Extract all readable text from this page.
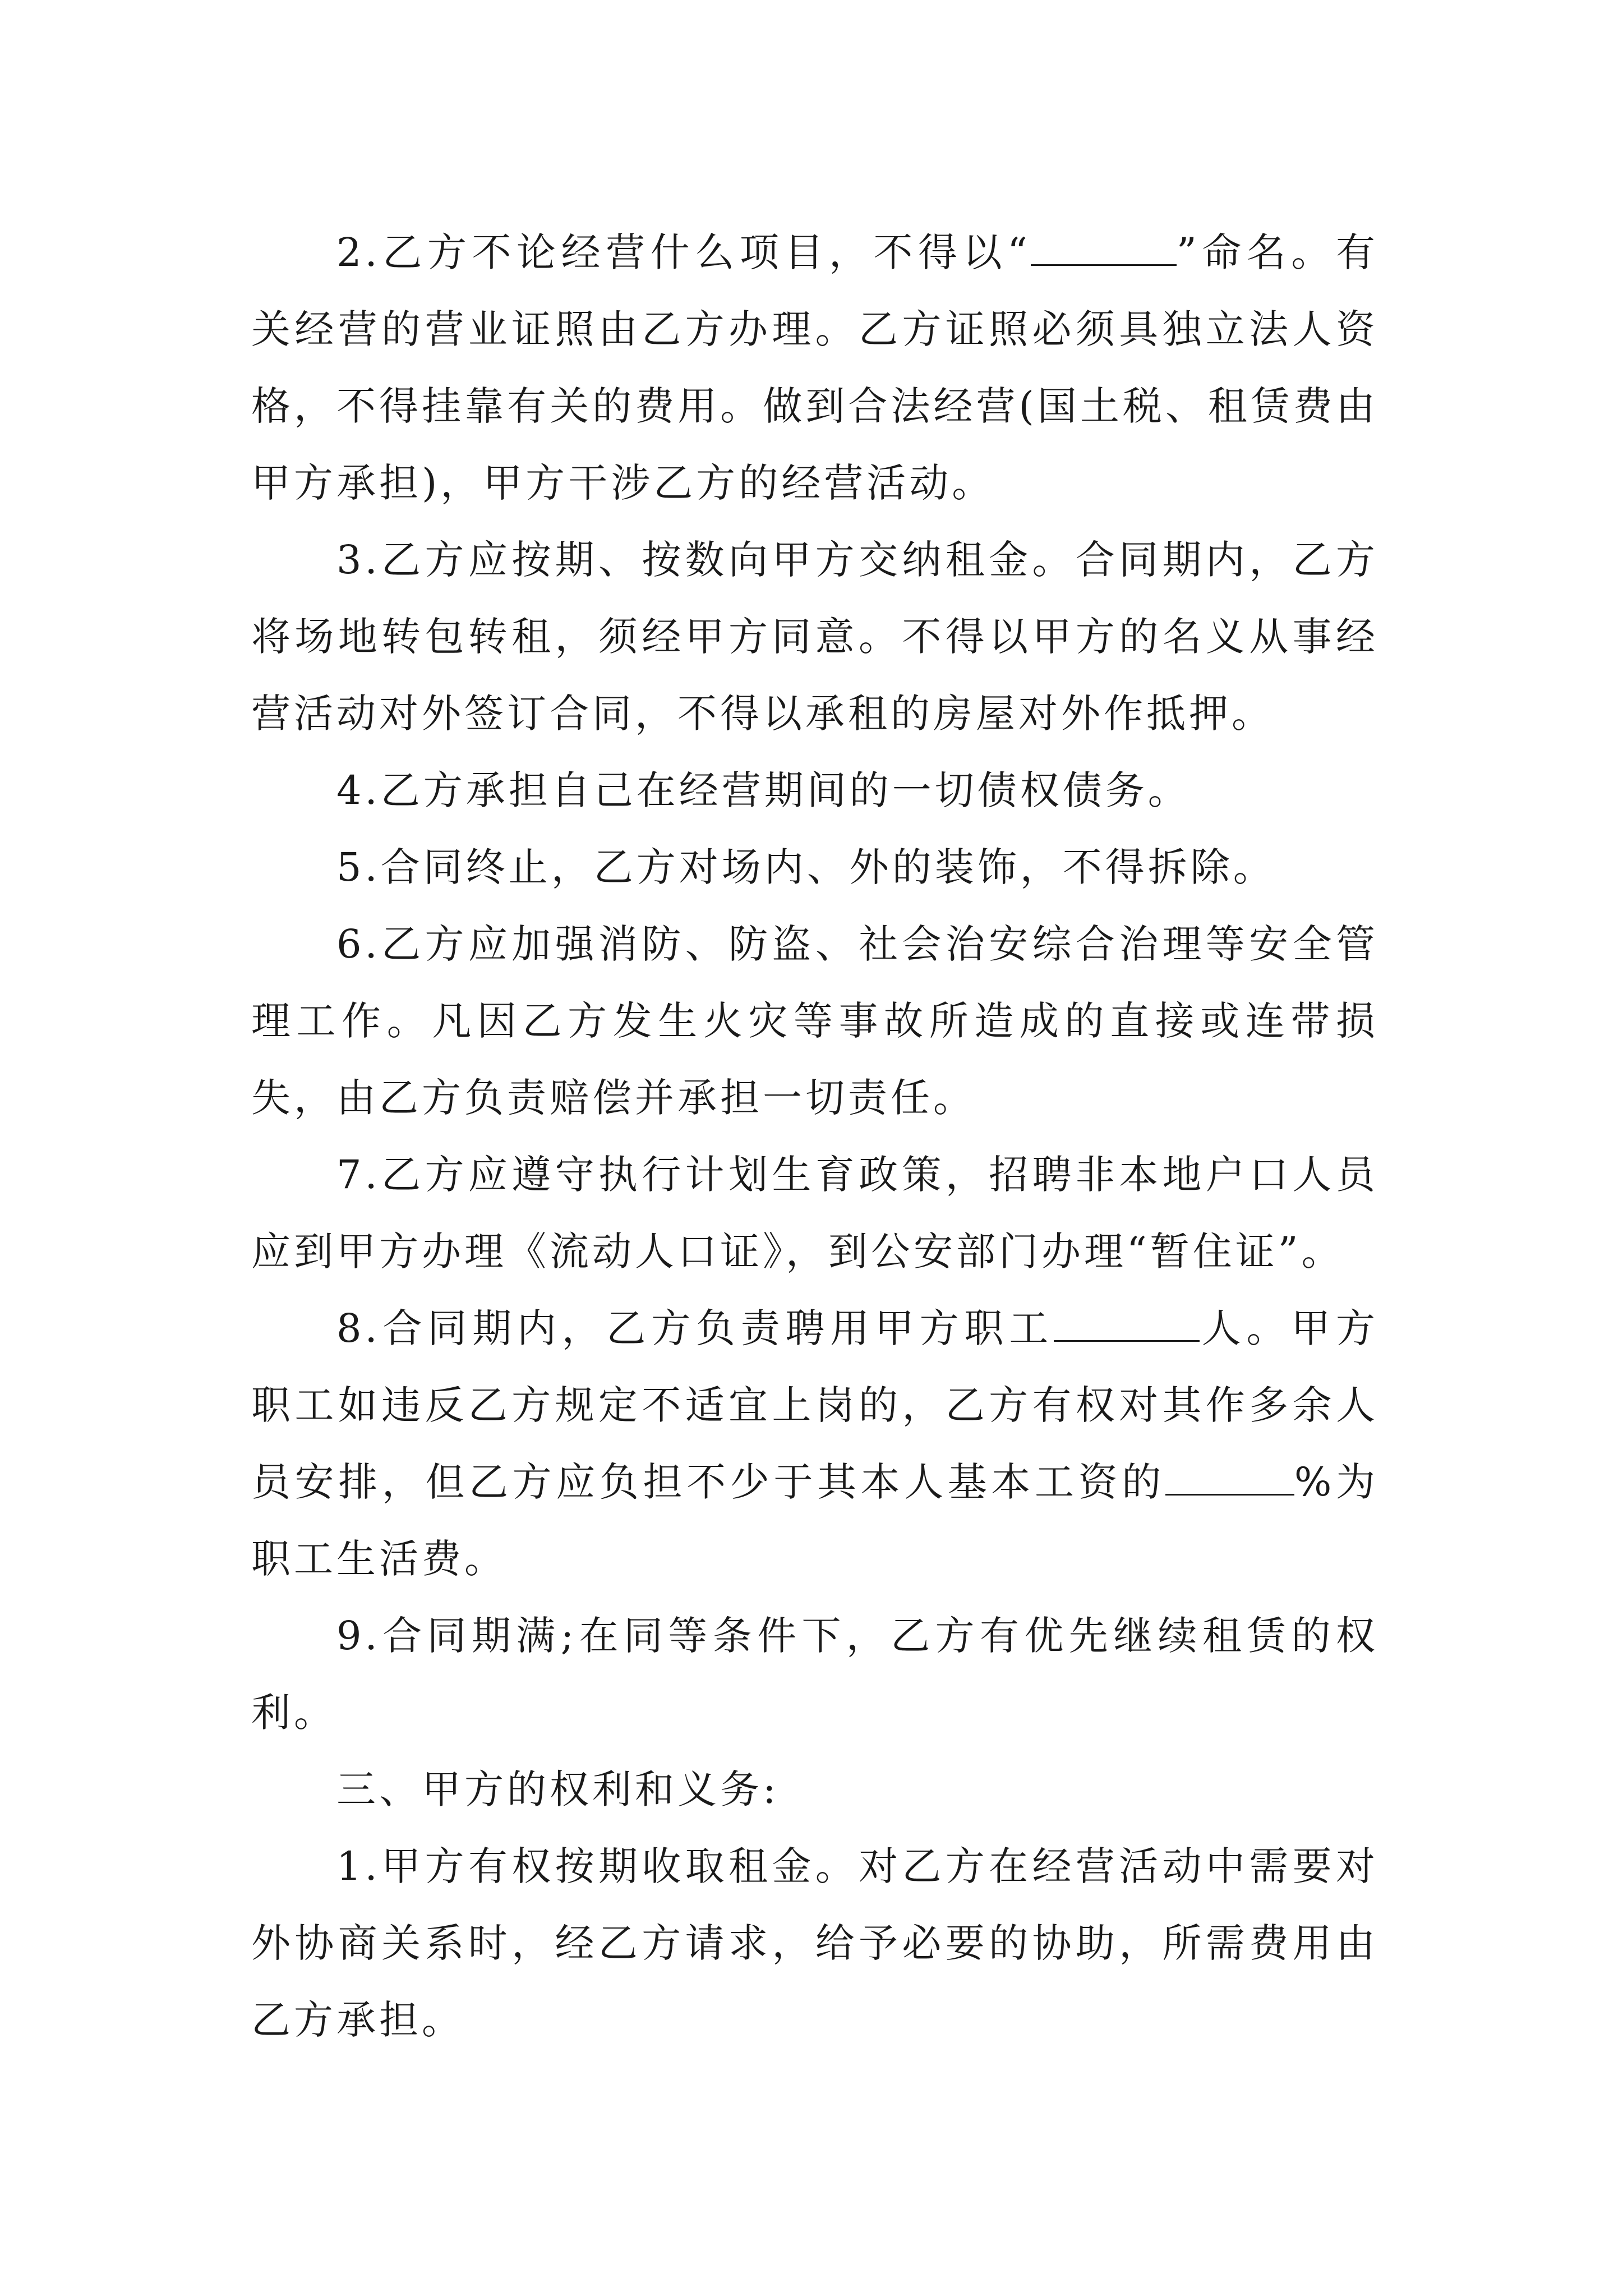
2.乙方不论经营什么项目，不得以“	”命名。有关经营的营业证照由乙方办理。乙方证照必须具独立法人资格，不得挂靠有关的费用。做到合法经营(国土税、租赁费由甲方承担)，甲方干涉乙方的经营活动。

3.乙方应按期、按数向甲方交纳租金。合同期内，乙方将场地转包转租，须经甲方同意。不得以甲方的名义从事经营活动对外签订合同，不得以承租的房屋对外作抵押。

4.乙方承担自己在经营期间的一切债权债务。

5.合同终止，乙方对场内、外的装饰，不得拆除。

6.乙方应加强消防、防盗、社会治安综合治理等安全管理工作。凡因乙方发生火灾等事故所造成的直接或连带损失，由乙方负责赔偿并承担一切责任。

7.乙方应遵守执行计划生育政策，招聘非本地户口人员应到甲方办理《流动人口证》，到公安部门办理“暂住证”。

8.合同期内，乙方负责聘用甲方职工	人。甲方职工如违反乙方规定不适宜上岗的，乙方有权对其作多余人员安排，但乙方应负担不少于其本人基本工资的	%为职工生活费。

9.合同期满;在同等条件下，乙方有优先继续租赁的权利。

三、甲方的权利和义务:

1.甲方有权按期收取租金。对乙方在经营活动中需要对外协商关系时，经乙方请求，给予必要的协助，所需费用由乙方承担。
